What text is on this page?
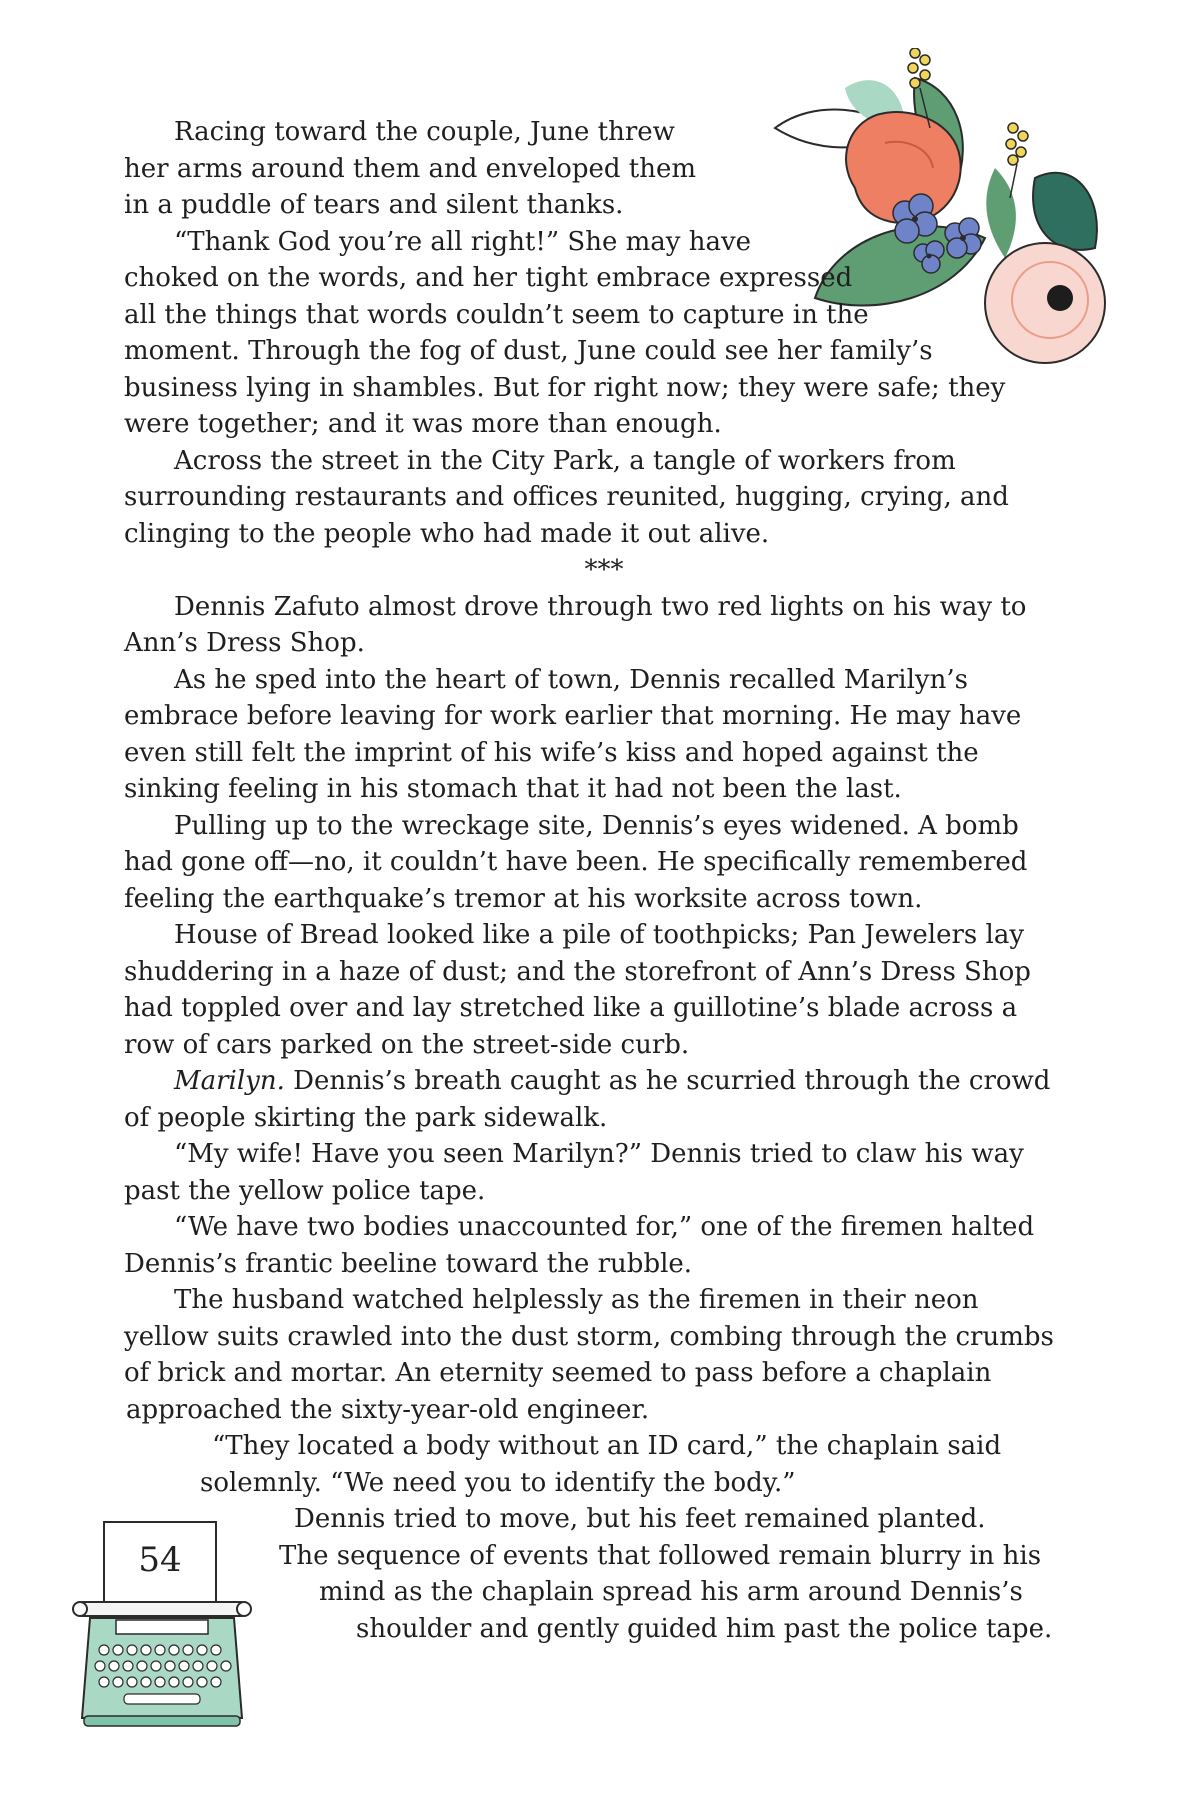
Racing toward the couple, June threw
her arms around them and enveloped them
in a puddle of tears and silent thanks.
“Thank God you’re all right!” She may have
choked on the words, and her tight embrace expressed
all the things that words couldn’t seem to capture in the
moment. Through the fog of dust, June could see her family’s
business lying in shambles. But for right now; they were safe; they
were together; and it was more than enough.
Across the street in the City Park, a tangle of workers from
surrounding restaurants and offices reunited, hugging, crying, and
clinging to the people who had made it out alive.
***
Dennis Zafuto almost drove through two red lights on his way to
Ann’s Dress Shop.
As he sped into the heart of town, Dennis recalled Marilyn’s
embrace before leaving for work earlier that morning. He may have
even still felt the imprint of his wife’s kiss and hoped against the
sinking feeling in his stomach that it had not been the last.
Pulling up to the wreckage site, Dennis’s eyes widened. A bomb
had gone off—no, it couldn’t have been. He specifically remembered
feeling the earthquake’s tremor at his worksite across town.
House of Bread looked like a pile of toothpicks; Pan Jewelers lay
shuddering in a haze of dust; and the storefront of Ann’s Dress Shop
had toppled over and lay stretched like a guillotine’s blade across a
row of cars parked on the street-side curb.
Marilyn. Dennis’s breath caught as he scurried through the crowd
of people skirting the park sidewalk.
“My wife! Have you seen Marilyn?” Dennis tried to claw his way
past the yellow police tape.
“We have two bodies unaccounted for,” one of the firemen halted
Dennis’s frantic beeline toward the rubble.
The husband watched helplessly as the firemen in their neon
yellow suits crawled into the dust storm, combing through the crumbs
of brick and mortar. An eternity seemed to pass before a chaplain
approached the sixty-year-old engineer.
“They located a body without an ID card,” the chaplain said
solemnly. “We need you to identify the body.”
Dennis tried to move, but his feet remained planted.
The sequence of events that followed remain blurry in his
mind as the chaplain spread his arm around Dennis’s
shoulder and gently guided him past the police tape.
54
